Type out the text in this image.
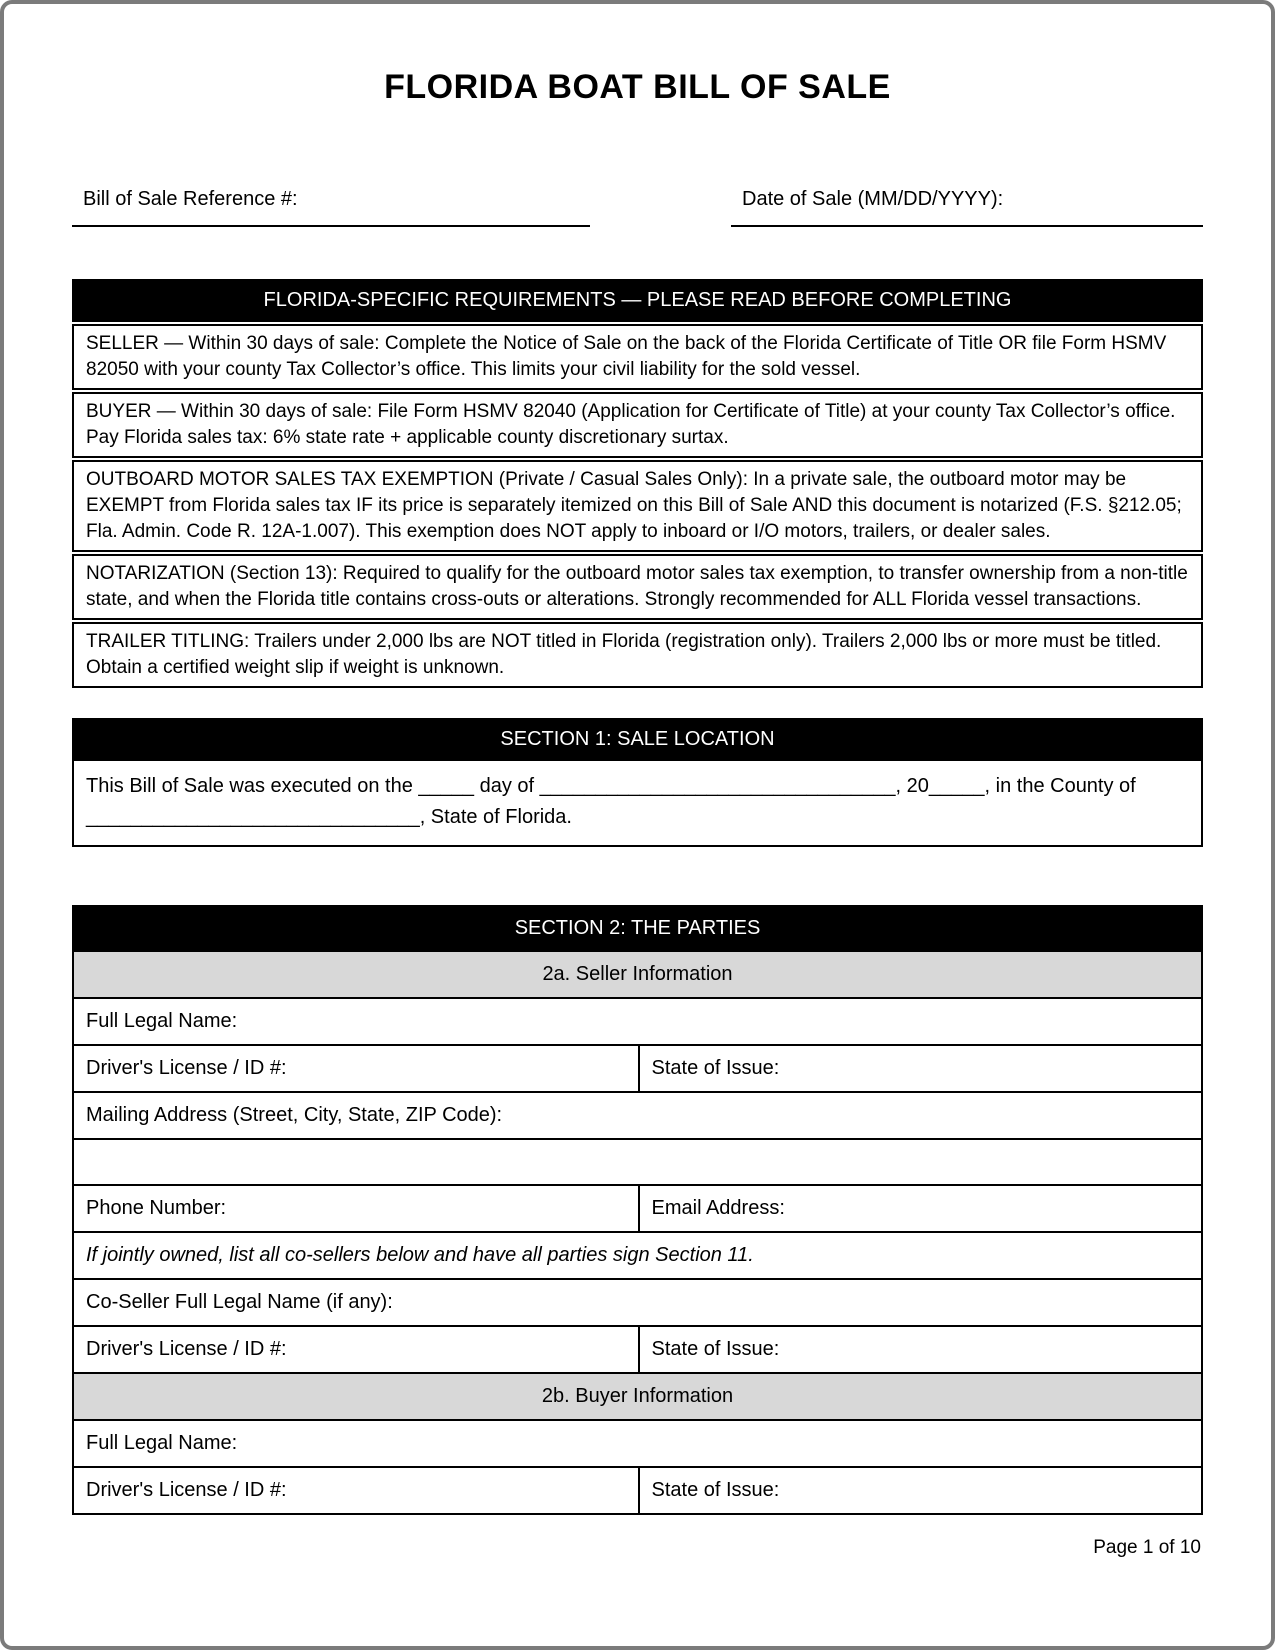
FLORIDA BOAT BILL OF SALE
Bill of Sale Reference #:	Date of Sale (MM/DD/YYYY):
FLORIDA-SPECIFIC REQUIREMENTS — PLEASE READ BEFORE COMPLETING
SELLER — Within 30 days of sale: Complete the Notice of Sale on the back of the Florida Certificate of Title OR file Form HSMV 82050 with your county Tax Collector’s office. This limits your civil liability for the sold vessel.
BUYER — Within 30 days of sale: File Form HSMV 82040 (Application for Certificate of Title) at your county Tax Collector’s office. Pay Florida sales tax: 6% state rate + applicable county discretionary surtax.
OUTBOARD MOTOR SALES TAX EXEMPTION (Private / Casual Sales Only): In a private sale, the outboard motor may be EXEMPT from Florida sales tax IF its price is separately itemized on this Bill of Sale AND this document is notarized (F.S. §212.05; Fla. Admin. Code R. 12A-1.007). This exemption does NOT apply to inboard or I/O motors, trailers, or dealer sales.
NOTARIZATION (Section 13): Required to qualify for the outboard motor sales tax exemption, to transfer ownership from a non-title state, and when the Florida title contains cross-outs or alterations. Strongly recommended for ALL Florida vessel transactions.
TRAILER TITLING: Trailers under 2,000 lbs are NOT titled in Florida (registration only). Trailers 2,000 lbs or more must be titled. Obtain a certified weight slip if weight is unknown.
SECTION 1: SALE LOCATION
This Bill of Sale was executed on the _____ day of ________________________________, 20_____, in the County of ______________________________, State of Florida.
SECTION 2: THE PARTIES
2a. Seller Information
Full Legal Name:
Driver's License / ID #:	State of Issue:
Mailing Address (Street, City, State, ZIP Code):
Phone Number:	Email Address:
If jointly owned, list all co-sellers below and have all parties sign Section 11.
Co-Seller Full Legal Name (if any):
Driver's License / ID #:	State of Issue:
2b. Buyer Information
Full Legal Name:
Driver's License / ID #:	State of Issue:
Page 1 of 10
